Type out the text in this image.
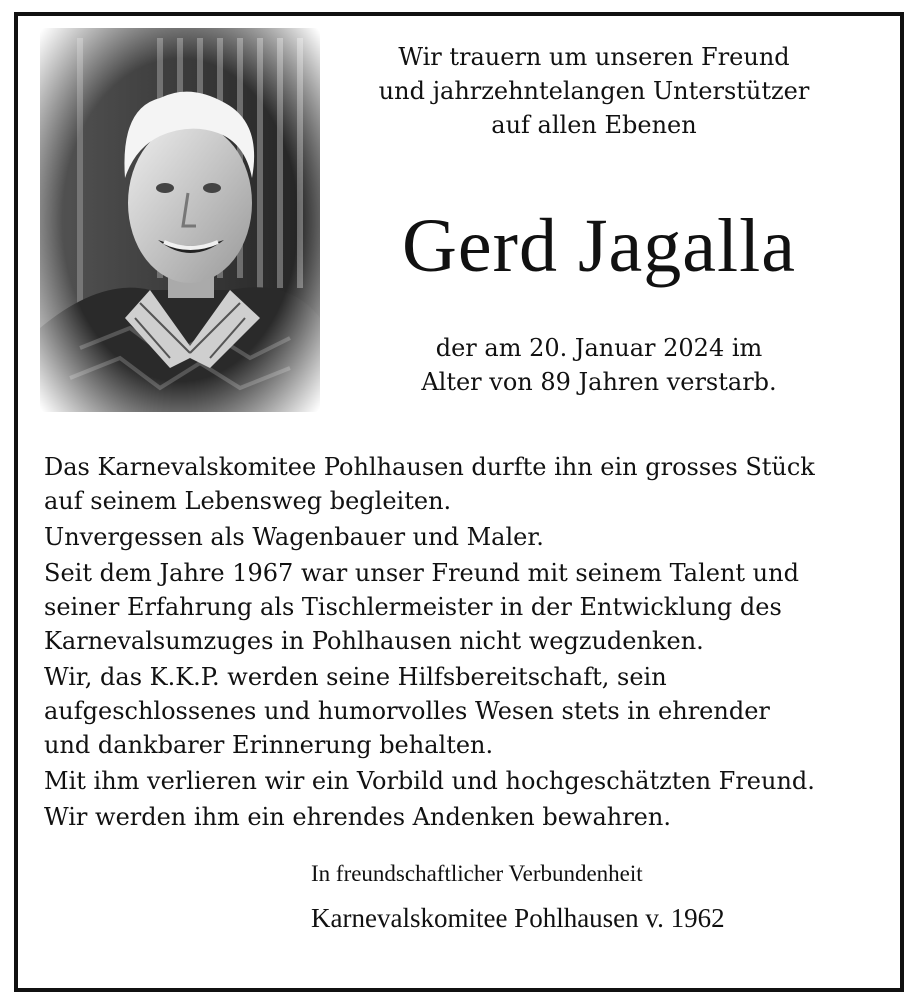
Wir trauern um unseren Freund
und jahrzehntelangen Unterstützer
auf allen Ebenen
Gerd Jagalla
der am 20. Januar 2024 im
Alter von 89 Jahren verstarb.

Das Karnevalskomitee Pohlhausen durfte ihn ein grosses Stück
auf seinem Lebensweg begleiten.

Unvergessen als Wagenbauer und Maler.

Seit dem Jahre 1967 war unser Freund mit seinem Talent und
seiner Erfahrung als Tischlermeister in der Entwicklung des
Karnevalsumzuges in Pohlhausen nicht wegzudenken.

Wir, das K.K.P. werden seine Hilfsbereitschaft, sein
aufgeschlossenes und humorvolles Wesen stets in ehrender
und dankbarer Erinnerung behalten.

Mit ihm verlieren wir ein Vorbild und hochgeschätzten Freund.

Wir werden ihm ein ehrendes Andenken bewahren.

In freundschaftlicher Verbundenheit
Karnevalskomitee Pohlhausen v. 1962
